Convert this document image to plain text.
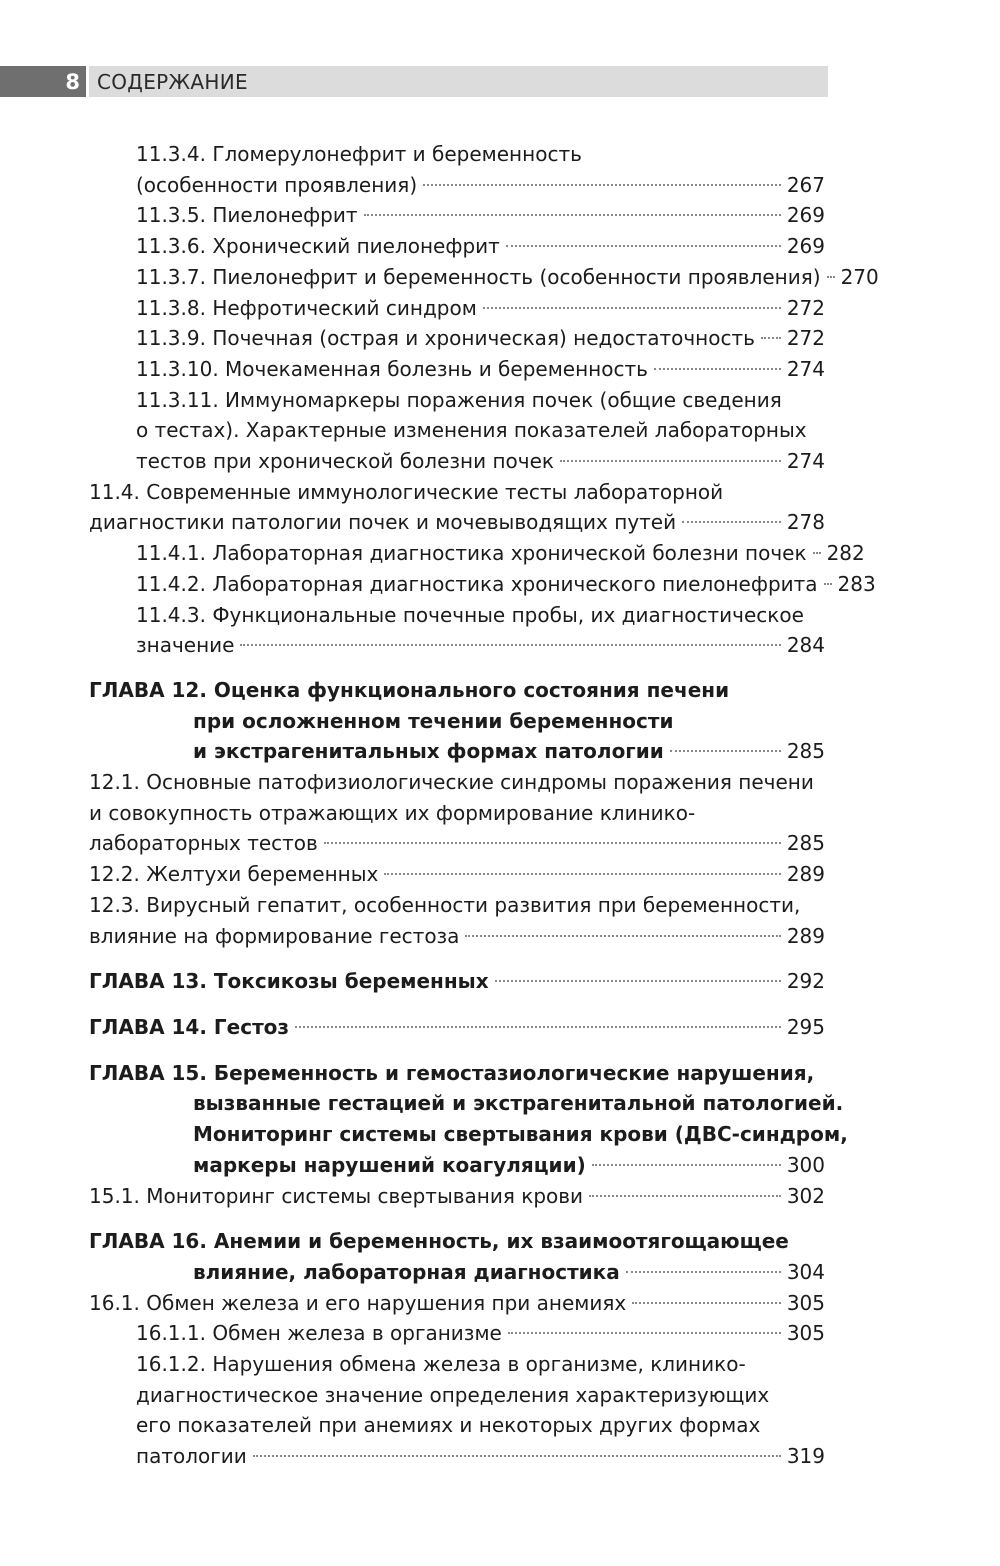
8 СОДЕРЖАНИЕ
11.3.4. Гломерулонефрит и беременность
(особенности проявления)	267
11.3.5. Пиелонефрит	269
11.3.6. Хронический пиелонефрит	269
11.3.7. Пиелонефрит и беременность (особенности проявления) 270
11.3.8. Нефротический синдром	272
11.3.9. Почечная (острая и хроническая) недостаточность 272
11.3.10. Мочекаменная болезнь и беременность	274
11.3.11. Иммуномаркеры поражения почек (общие сведения
о тестах). Характерные изменения показателей лабораторных
тестов при хронической болезни почек	274
11.4. Современные иммунологические тесты лабораторной
диагностики патологии почек и мочевыводящих путей	278
11.4.1. Лабораторная диагностика хронической болезни почек 282
11.4.2. Лабораторная диагностика хронического пиелонефрита 283
11.4.3. Функциональные почечные пробы, их диагностическое
значение	284
ГЛАВА 12. Оценка функционального состояния печени
при осложненном течении беременности
и экстрагенитальных формах патологии	285
12.1. Основные патофизиологические синдромы поражения печени
и совокупность отражающих их формирование клинико-
лабораторных тестов	285
12.2. Желтухи беременных	289
12.3. Вирусный гепатит, особенности развития при беременности,
влияние на формирование гестоза	289
ГЛАВА 13. Токсикозы беременных	292
ГЛАВА 14. Гестоз	295
ГЛАВА 15. Беременность и гемостазиологические нарушения,
вызванные гестацией и экстрагенитальной патологией.
Мониторинг системы свертывания крови (ДВС-синдром,
маркеры нарушений коагуляции)	300
15.1. Мониторинг системы свертывания крови	302
ГЛАВА 16. Анемии и беременность, их взаимоотягощающее
влияние, лабораторная диагностика	304
16.1. Обмен железа и его нарушения при анемиях	305
16.1.1. Обмен железа в организме	305
16.1.2. Нарушения обмена железа в организме, клинико-
диагностическое значение определения характеризующих
его показателей при анемиях и некоторых других формах
патологии	319
